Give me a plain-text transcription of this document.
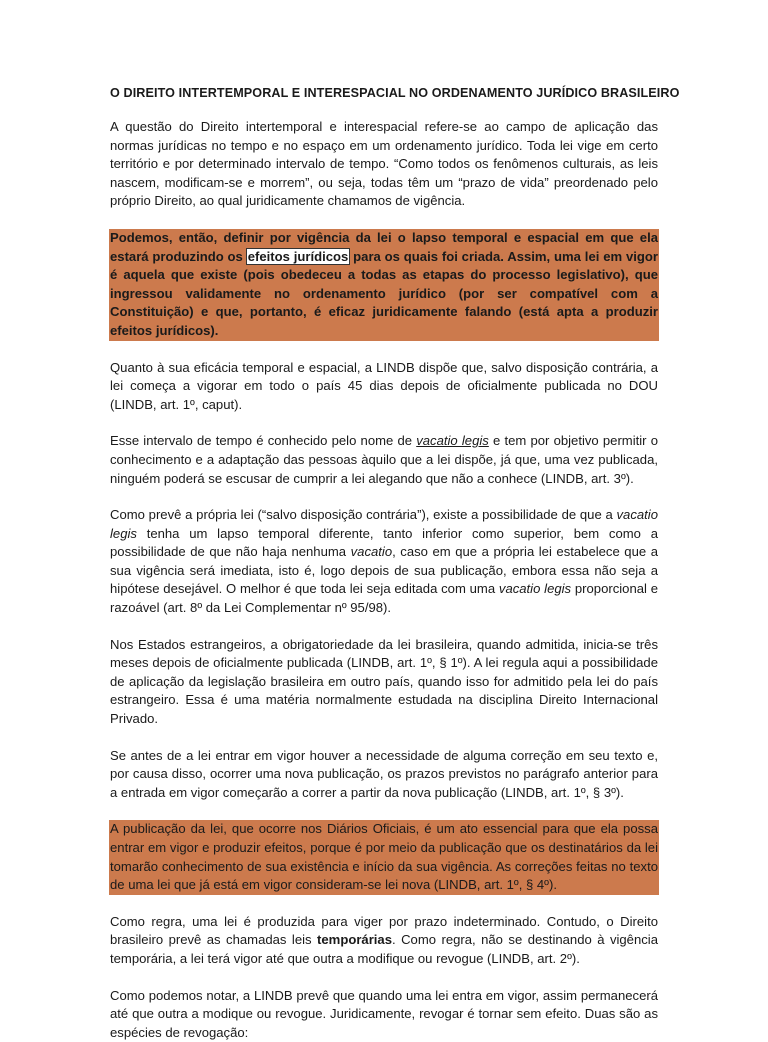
O DIREITO INTERTEMPORAL E INTERESPACIAL NO ORDENAMENTO JURÍDICO BRASILEIRO

A questão do Direito intertemporal e interespacial refere-se ao campo de aplicação das normas jurídicas no tempo e no espaço em um ordenamento jurídico. Toda lei vige em certo território e por determinado intervalo de tempo. “Como todos os fenômenos culturais, as leis nascem, modificam-se e morrem”, ou seja, todas têm um “prazo de vida” preordenado pelo próprio Direito, ao qual juridicamente chamamos de vigência.

Podemos, então, definir por vigência da lei o lapso temporal e espacial em que ela estará produzindo os efeitos jurídicos para os quais foi criada. Assim, uma lei em vigor é aquela que existe (pois obedeceu a todas as etapas do processo legislativo), que ingressou validamente no ordenamento jurídico (por ser compatível com a Constituição) e que, portanto, é eficaz juridicamente falando (está apta a produzir efeitos jurídicos).

Quanto à sua eficácia temporal e espacial, a LINDB dispõe que, salvo disposição contrária, a lei começa a vigorar em todo o país 45 dias depois de oficialmente publicada no DOU (LINDB, art. 1º, caput).

Esse intervalo de tempo é conhecido pelo nome de vacatio legis e tem por objetivo permitir o conhecimento e a adaptação das pessoas àquilo que a lei dispõe, já que, uma vez publicada, ninguém poderá se escusar de cumprir a lei alegando que não a conhece (LINDB, art. 3º).

Como prevê a própria lei (“salvo disposição contrária”), existe a possibilidade de que a vacatio legis tenha um lapso temporal diferente, tanto inferior como superior, bem como a possibilidade de que não haja nenhuma vacatio, caso em que a própria lei estabelece que a sua vigência será imediata, isto é, logo depois de sua publicação, embora essa não seja a hipótese desejável. O melhor é que toda lei seja editada com uma vacatio legis proporcional e razoável (art. 8º da Lei Complementar nº 95/98).

Nos Estados estrangeiros, a obrigatoriedade da lei brasileira, quando admitida, inicia-se três meses depois de oficialmente publicada (LINDB, art. 1º, § 1º). A lei regula aqui a possibilidade de aplicação da legislação brasileira em outro país, quando isso for admitido pela lei do país estrangeiro. Essa é uma matéria normalmente estudada na disciplina Direito Internacional Privado.

Se antes de a lei entrar em vigor houver a necessidade de alguma correção em seu texto e, por causa disso, ocorrer uma nova publicação, os prazos previstos no parágrafo anterior para a entrada em vigor começarão a correr a partir da nova publicação (LINDB, art. 1º, § 3º).

A publicação da lei, que ocorre nos Diários Oficiais, é um ato essencial para que ela possa entrar em vigor e produzir efeitos, porque é por meio da publicação que os destinatários da lei tomarão conhecimento de sua existência e início da sua vigência. As correções feitas no texto de uma lei que já está em vigor consideram-se lei nova (LINDB, art. 1º, § 4º).

Como regra, uma lei é produzida para viger por prazo indeterminado. Contudo, o Direito brasileiro prevê as chamadas leis temporárias. Como regra, não se destinando à vigência temporária, a lei terá vigor até que outra a modifique ou revogue (LINDB, art. 2º).

Como podemos notar, a LINDB prevê que quando uma lei entra em vigor, assim permanecerá até que outra a modique ou revogue. Juridicamente, revogar é tornar sem efeito. Duas são as espécies de revogação:
